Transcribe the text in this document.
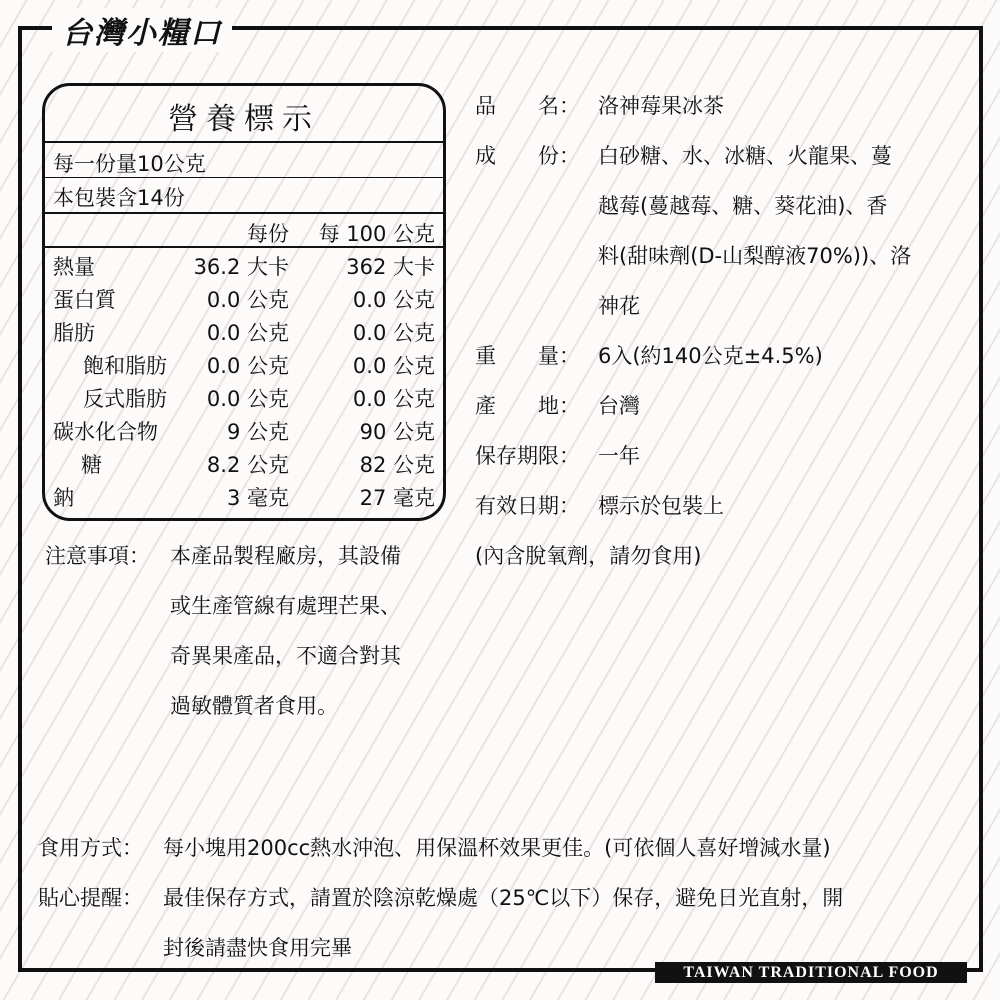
台灣小糧口
TAIWAN TRADITIONAL FOOD
營養標示
每一份量10公克
本包裝含14份
每份 每 100 公克
熱量	36.2 大卡	362 大卡
蛋白質	0.0 公克	0.0 公克
脂肪	0.0 公克	0.0 公克
飽和脂肪 0.0 公克	0.0 公克
反式脂肪 0.0 公克	0.0 公克
碳水化合物	9 公克	90 公克
糖	8.2 公克	82 公克
鈉	3 毫克	27 毫克
品　　名： 洛神莓果冰茶
成　　份： 白砂糖、水、冰糖、火龍果、蔓
越莓(蔓越莓、糖、葵花油)、香
料(甜味劑(D-山梨醇液70%))、洛
神花
重　　量： 6入(約140公克±4.5%)
產　　地： 台灣
保存期限： 一年
有效日期： 標示於包裝上
(內含脫氧劑，請勿食用)
注意事項： 本產品製程廠房，其設備
或生產管線有處理芒果、
奇異果產品，不適合對其
過敏體質者食用。
食用方式： 每小塊用200cc熱水沖泡、用保溫杯效果更佳。(可依個人喜好增減水量)
貼心提醒： 最佳保存方式，請置於陰涼乾燥處（25℃以下）保存，避免日光直射，開
封後請盡快食用完畢
